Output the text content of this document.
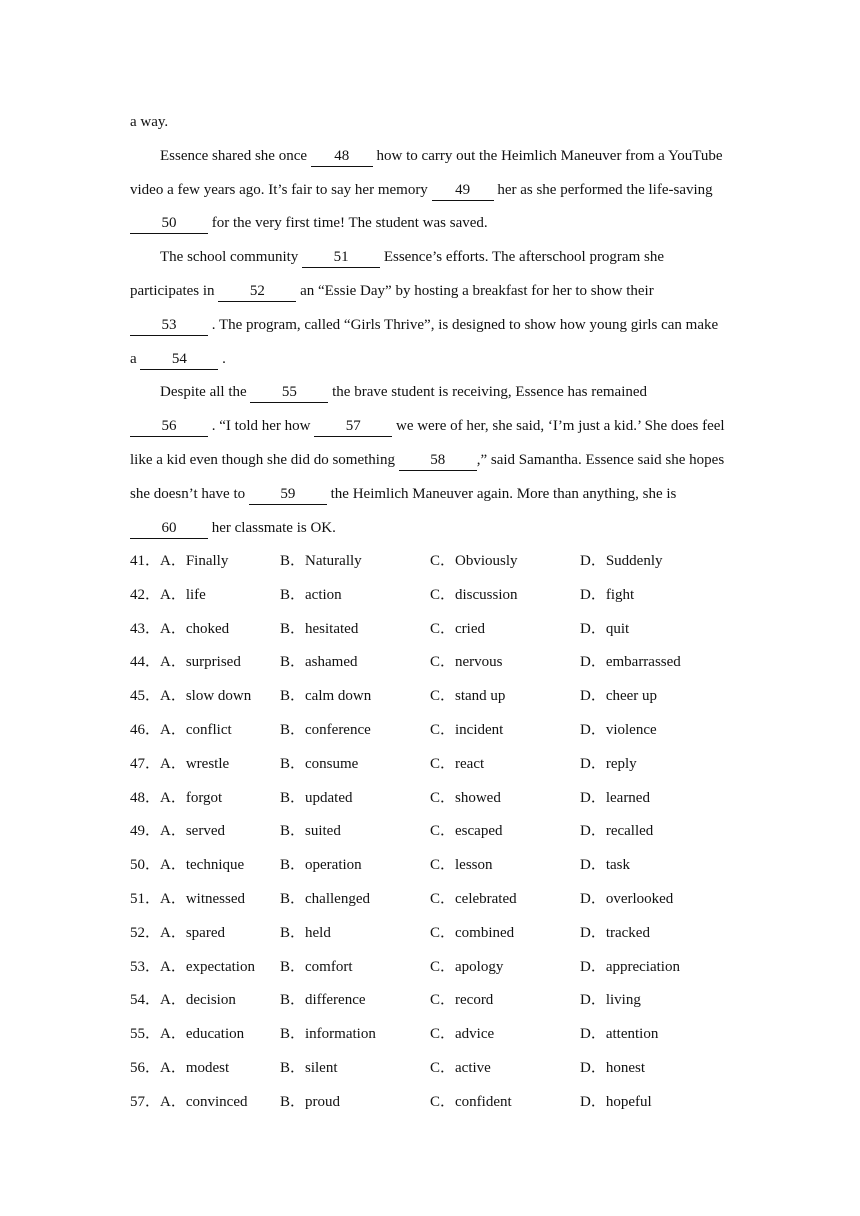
a way.
Essence shared she once 48 how to carry out the Heimlich Maneuver from a YouTube
video a few years ago. It’s fair to say her memory 49 her as she performed the life-saving
50 for the very first time! The student was saved.
The school community 51 Essence’s efforts. The afterschool program she
participates in 52 an “Essie Day” by hosting a breakfast for her to show their
53 . The program, called “Girls Thrive”, is designed to show how young girls can make
a 54 .
Despite all the 55 the brave student is receiving, Essence has remained
56 . “I told her how 57 we were of her, she said, ‘I’m just a kid.’ She does feel
like a kid even though she did do something 58 ,” said Samantha. Essence said she hopes
she doesn’t have to 59 the Heimlich Maneuver again. More than anything, she is
60 her classmate is OK.
41． A．Finally	B．Naturally	C．Obviously	D．Suddenly
42． A．life	B．action	C．discussion	D．fight
43． A．choked	B．hesitated	C．cried	D．quit
44． A．surprised	B．ashamed	C．nervous	D．embarrassed
45． A．slow down B．calm down	C．stand up	D．cheer up
46． A．conflict	B．conference	C．incident	D．violence
47． A．wrestle	B．consume	C．react	D．reply
48． A．forgot	B．updated	C．showed	D．learned
49． A．served	B．suited	C．escaped	D．recalled
50． A．technique B．operation	C．lesson	D．task
51． A．witnessed B．challenged	C．celebrated	D．overlooked
52． A．spared	B．held	C．combined	D．tracked
53． A．expectation B．comfort	C．apology	D．appreciation
54． A．decision	B．difference	C．record	D．living
55． A．education B．information	C．advice	D．attention
56． A．modest	B．silent	C．active	D．honest
57． A．convinced B．proud	C．confident	D．hopeful
